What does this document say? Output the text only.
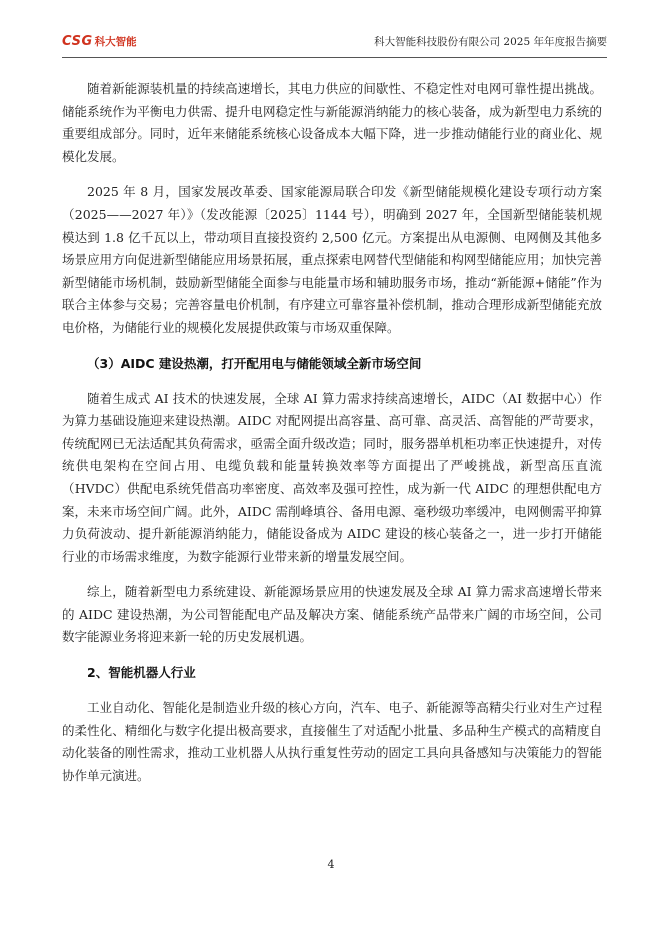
CSG 科大智能	科大智能科技股份有限公司 2025 年年度报告摘要

随着新能源装机量的持续高速增长，其电力供应的间歇性、不稳定性对电网可靠性提出挑战。储能系统作为平衡电力供需、提升电网稳定性与新能源消纳能力的核心装备，成为新型电力系统的重要组成部分。同时，近年来储能系统核心设备成本大幅下降，进一步推动储能行业的商业化、规模化发展。

2025 年 8 月，国家发展改革委、国家能源局联合印发《新型储能规模化建设专项行动方案（2025——2027 年）》（发改能源〔2025〕1144 号），明确到 2027 年，全国新型储能装机规模达到 1.8 亿千瓦以上，带动项目直接投资约 2,500 亿元。方案提出从电源侧、电网侧及其他多场景应用方向促进新型储能应用场景拓展，重点探索电网替代型储能和构网型储能应用；加快完善新型储能市场机制，鼓励新型储能全面参与电能量市场和辅助服务市场，推动“新能源+储能”作为联合主体参与交易；完善容量电价机制，有序建立可靠容量补偿机制，推动合理形成新型储能充放电价格，为储能行业的规模化发展提供政策与市场双重保障。

（3）AIDC 建设热潮，打开配用电与储能领域全新市场空间

随着生成式 AI 技术的快速发展，全球 AI 算力需求持续高速增长，AIDC（AI 数据中心）作为算力基础设施迎来建设热潮。AIDC 对配网提出高容量、高可靠、高灵活、高智能的严苛要求，传统配网已无法适配其负荷需求，亟需全面升级改造；同时，服务器单机柜功率正快速提升，对传统供电架构在空间占用、电缆负载和能量转换效率等方面提出了严峻挑战，新型高压直流（HVDC）供配电系统凭借高功率密度、高效率及强可控性，成为新一代 AIDC 的理想供配电方案，未来市场空间广阔。此外，AIDC 需削峰填谷、备用电源、毫秒级功率缓冲，电网侧需平抑算力负荷波动、提升新能源消纳能力，储能设备成为 AIDC 建设的核心装备之一，进一步打开储能行业的市场需求维度，为数字能源行业带来新的增量发展空间。

综上，随着新型电力系统建设、新能源场景应用的快速发展及全球 AI 算力需求高速增长带来的 AIDC 建设热潮，为公司智能配电产品及解决方案、储能系统产品带来广阔的市场空间，公司数字能源业务将迎来新一轮的历史发展机遇。

2、智能机器人行业

工业自动化、智能化是制造业升级的核心方向，汽车、电子、新能源等高精尖行业对生产过程的柔性化、精细化与数字化提出极高要求，直接催生了对适配小批量、多品种生产模式的高精度自动化装备的刚性需求，推动工业机器人从执行重复性劳动的固定工具向具备感知与决策能力的智能协作单元演进。

4
